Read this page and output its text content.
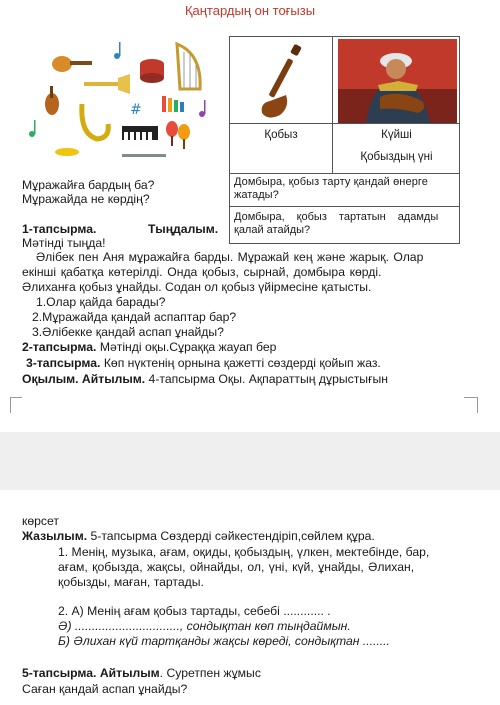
Қаңтардың он тоғызы
#
Қобыз	Күйші
Қобыздың үні
Домбыра, қобыз тарту қандай өнерге
жатады?
Домбыра, қобыз тартатын адамды
қалай атайды?
Мұражайға бардың ба?
Мұражайда не көрдің?
1-тапсырма.	Тыңдалым.
Мәтінді тыңда!
Әлібек пен Аня мұражайға барды. Мұражай кең және жарық. Олар
екінші қабатқа көтерілді. Онда қобыз, сырнай, домбыра көрді.
Әлиханға қобыз ұнайды. Содан ол қобыз үйірмесіне қатысты.
1.Олар қайда барады?
2.Мұражайда қандай аспаптар бар?
3.Әлібекке қандай аспап ұнайды?
2-тапсырма. Мәтінді оқы.Сұраққа жауап бер
3-тапсырма. Көп нүктенің орнына қажетті сөздерді қойып жаз.
Оқылым. Айтылым. 4-тапсырма Оқы. Ақпараттың дұрыстығын
көрсет
Жазылым. 5-тапсырма Сөздерді сәйкестендіріп,сөйлем құра.
1. Менің, музыка, ағам, оқиды, қобыздың, үлкен, мектебінде, бар,
ағам, қобызда, жақсы, ойнайды, ол, үні, күй, ұнайды, Әлихан,
қобызды, маған, тартады.
2. А) Менің ағам қобыз тартады, себебі ............ .
Ә) ..............................., сондықтан көп тыңдаймын.
Б) Әлихан күй тартқанды жақсы көреді, сондықтан ........
5-тапсырма. Айтылым. Суретпен жұмыс
Саған қандай аспап ұнайды?
